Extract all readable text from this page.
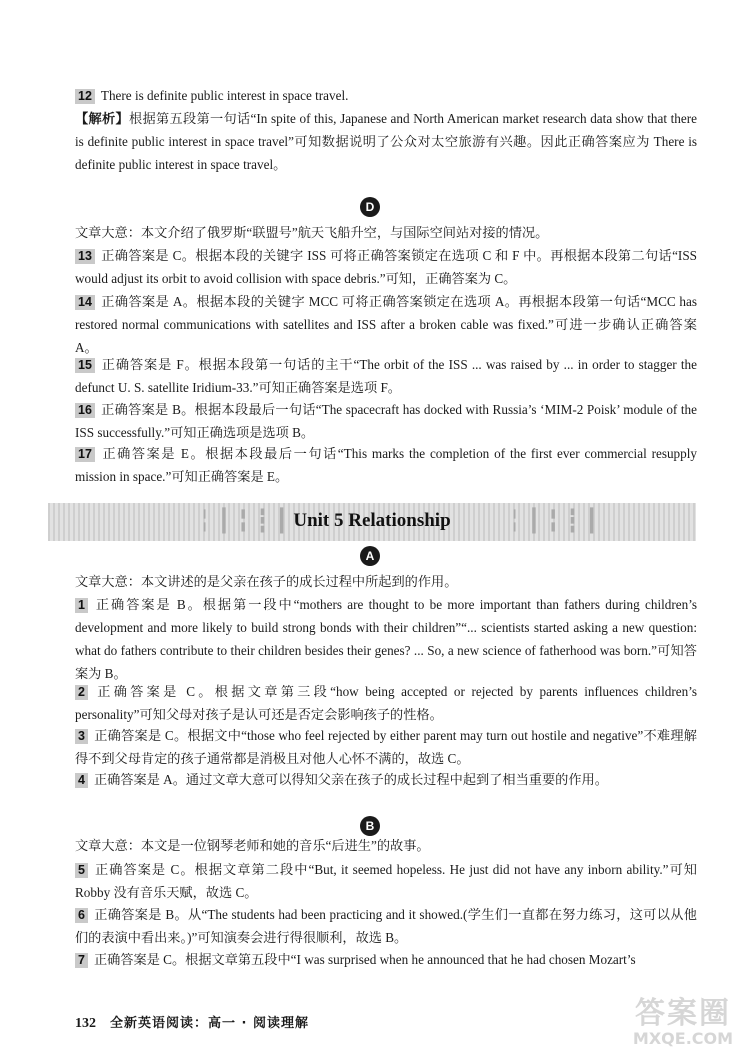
12 There is definite public interest in space travel.

【解析】根据第五段第一句话“In spite of this, Japanese and North American market research data show that there is definite public interest in space travel”可知数据说明了公众对太空旅游有兴趣。因此正确答案应为 There is definite public interest in space travel。

D

文章大意：本文介绍了俄罗斯“联盟号”航天飞船升空，与国际空间站对接的情况。

13 正确答案是 C。根据本段的关键字 ISS 可将正确答案锁定在选项 C 和 F 中。再根据本段第二句话“ISS would adjust its orbit to avoid collision with space debris.”可知，正确答案为 C。

14 正确答案是 A。根据本段的关键字 MCC 可将正确答案锁定在选项 A。再根据本段第一句话“MCC has restored normal communications with satellites and ISS after a broken cable was fixed.”可进一步确认正确答案 A。

15 正确答案是 F。根据本段第一句话的主干“The orbit of the ISS ... was raised by ... in order to stagger the defunct U. S. satellite Iridium-33.”可知正确答案是选项 F。

16 正确答案是 B。根据本段最后一句话“The spacecraft has docked with Russia’s ‘MIM-2 Poisk’ module of the ISS successfully.”可知正确选项是选项 B。

17 正确答案是 E。根据本段最后一句话“This marks the completion of the first ever commercial resupply mission in space.”可知正确答案是 E。

╎┃╏┇┃	╎┃╏┇┃
Unit 5 Relationship
A

文章大意：本文讲述的是父亲在孩子的成长过程中所起到的作用。

1 正确答案是 B。根据第一段中“mothers are thought to be more important than fathers during children’s development and more likely to build strong bonds with their children”“... scientists started asking a new question: what do fathers contribute to their children besides their genes? ... So, a new science of fatherhood was born.”可知答案为 B。

2 正确答案是 C。根据文章第三段“how being accepted or rejected by parents influences children’s personality”可知父母对孩子是认可还是否定会影响孩子的性格。

3 正确答案是 C。根据文中“those who feel rejected by either parent may turn out hostile and negative”不难理解得不到父母肯定的孩子通常都是消极且对他人心怀不满的，故选 C。

4 正确答案是 A。通过文章大意可以得知父亲在孩子的成长过程中起到了相当重要的作用。

B

文章大意：本文是一位钢琴老师和她的音乐“后进生”的故事。

5 正确答案是 C。根据文章第二段中“But, it seemed hopeless. He just did not have any inborn ability.”可知 Robby 没有音乐天赋，故选 C。

6 正确答案是 B。从“The students had been practicing and it showed.(学生们一直都在努力练习，这可以从他们的表演中看出来。)”可知演奏会进行得很顺利，故选 B。

7 正确答案是 C。根据文章第五段中“I was surprised when he announced that he had chosen Mozart’s

132 全新英语阅读：高一 · 阅读理解	答案圈
MXQE.COM
